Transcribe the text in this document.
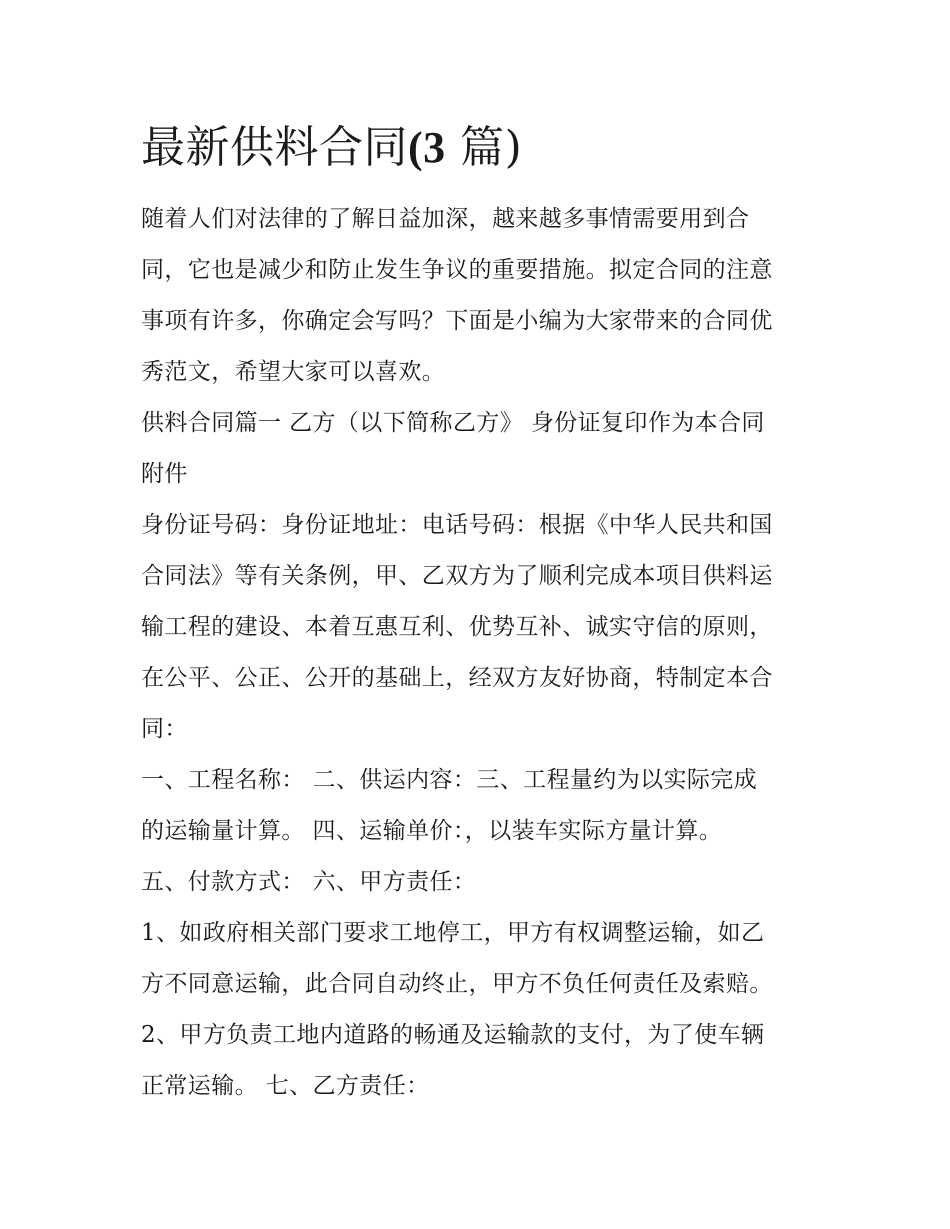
最新供料合同(3 篇)

随着人们对法律的了解日益加深，越来越多事情需要用到合
同，它也是减少和防止发生争议的重要措施。拟定合同的注意
事项有许多，你确定会写吗？下面是小编为大家带来的合同优
秀范文，希望大家可以喜欢。

供料合同篇一 乙方（以下简称乙方》 身份证复印作为本合同
附件

身份证号码：身份证地址：电话号码：根据《中华人民共和国
合同法》等有关条例，甲、乙双方为了顺利完成本项目供料运
输工程的建设、本着互惠互利、优势互补、诚实守信的原则，
在公平、公正、公开的基础上，经双方友好协商，特制定本合
同：

一、工程名称： 二、供运内容：三、工程量约为以实际完成
的运输量计算。 四、运输单价：，以装车实际方量计算。

五、付款方式： 六、甲方责任：

1、如政府相关部门要求工地停工，甲方有权调整运输，如乙
方不同意运输，此合同自动终止，甲方不负任何责任及索赔。

2、甲方负责工地内道路的畅通及运输款的支付，为了使车辆
正常运输。 七、乙方责任：
